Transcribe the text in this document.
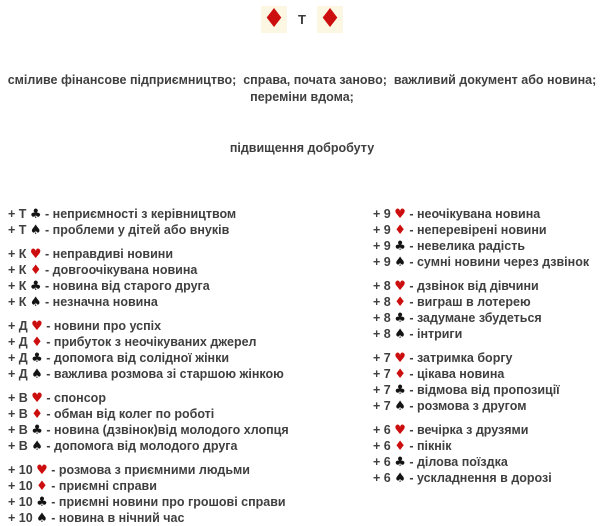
♦ Т ♦

сміливе фінансове підприємництво;  справа, почата заново;  важливий документ або новина;  переміни вдома;

підвищення добробуту

+ Т ♣ - неприємності з керівництвом
+ Т ♠ - проблеми у дітей або внуків
+ К ♥ - неправдиві новини
+ К ♦ - довгоочікувана новина
+ К ♣ - новина від старого друга
+ К ♠ - незначна новина
+ Д ♥ - новини про успіх
+ Д ♦ - прибуток з неочікуваних джерел
+ Д ♣ - допомога від солідної жінки
+ Д ♠ - важлива розмова зі старшою жінкою
+ В ♥ - спонсор
+ В ♦ - обман від колег по роботі
+ В ♣ - новина (дзвінок)від молодого хлопця
+ В ♠ - допомога від молодого друга
+ 10 ♥ - розмова з приємними людьми
+ 10 ♦ - приємні справи
+ 10 ♣ - приємні новини про грошові справи
+ 10 ♠ - новина в нічний час
+ 9 ♥ - неочікувана новина
+ 9 ♦ - неперевірені новини
+ 9 ♣ - невелика радість
+ 9 ♠ - сумні новини через дзвінок
+ 8 ♥ - дзвінок від дівчини
+ 8 ♦ - виграш в лотерею
+ 8 ♣ - задумане збудеться
+ 8 ♠ - інтриги
+ 7 ♥ - затримка боргу
+ 7 ♦ - цікава новина
+ 7 ♣ - відмова від пропозиції
+ 7 ♠ - розмова з другом
+ 6 ♥ - вечірка з друзями
+ 6 ♦ - пікнік
+ 6 ♣ - ділова поїздка
+ 6 ♠ - ускладнення в дорозі
